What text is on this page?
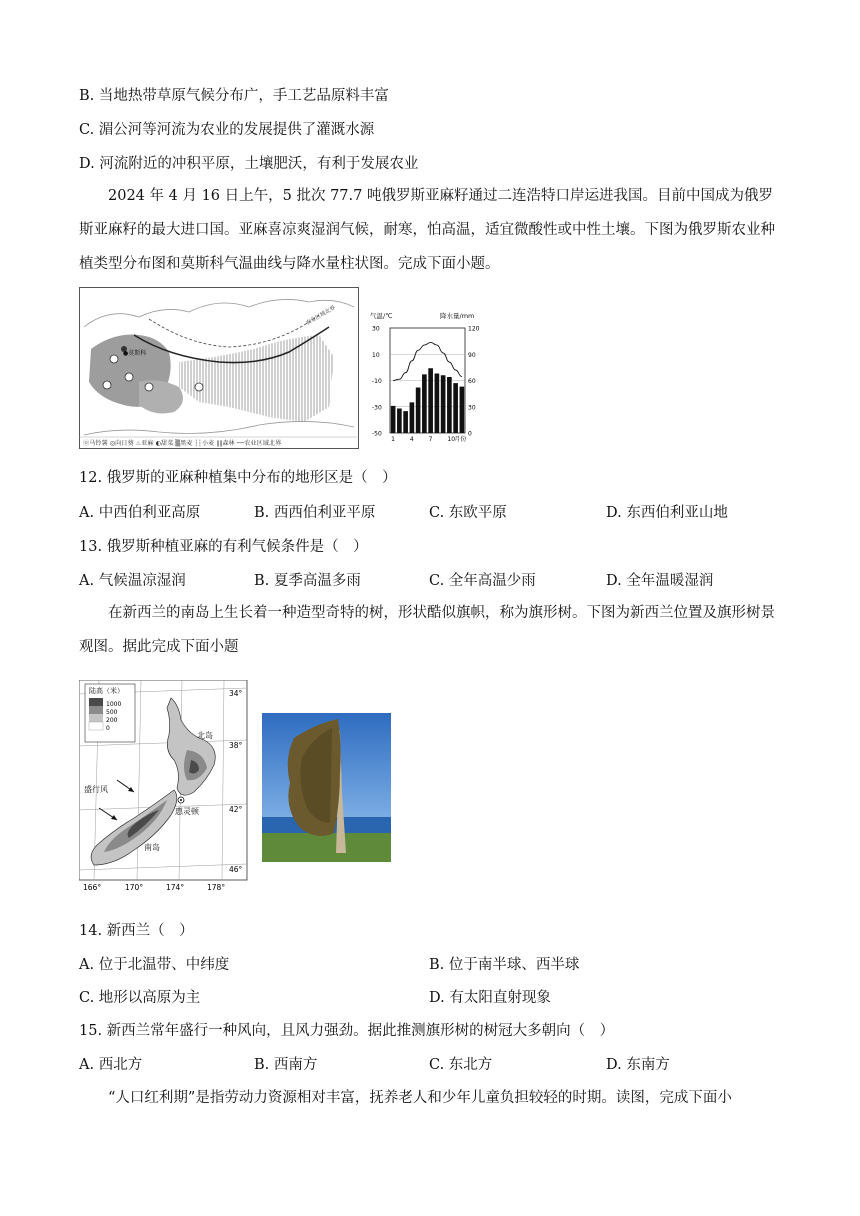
B. 当地热带草原气候分布广，手工艺品原料丰富
C. 湄公河等河流为农业的发展提供了灌溉水源
D. 河流附近的冲积平原，土壤肥沃，有利于发展农业
2024 年 4 月 16 日上午，5 批次 77.7 吨俄罗斯亚麻籽通过二连浩特口岸运进我国。目前中国成为俄罗斯亚麻籽的最大进口国。亚麻喜凉爽湿润气候，耐寒，怕高温，适宜微酸性或中性土壤。下图为俄罗斯农业种植类型分布图和莫斯科气温曲线与降水量柱状图。完成下面小题。
●莫斯科
农业区域北界
⓪马铃薯 ◎向日葵 ♨亚麻 ◐甜菜 ▒黑麦 ┆┆小麦 ∥∥森林 ──农业区域北界
气温/℃	降水量/mm
30
10
-10
-30
-50
120
90
60
30
0
1 4 7 10 月份
12. 俄罗斯的亚麻种植集中分布的地形区是（　）
A. 中西伯利亚高原	B. 西西伯利亚平原	C. 东欧平原	D. 东西伯利亚山地
13. 俄罗斯种植亚麻的有利气候条件是（　）
A. 气候温凉湿润	B. 夏季高温多雨	C. 全年高温少雨	D. 全年温暖湿润
在新西兰的南岛上生长着一种造型奇特的树，形状酷似旗帜，称为旗形树。下图为新西兰位置及旗形树景观图。据此完成下面小题
陆高（米）
1000
500
200
0
盛行风
北岛
南岛
惠灵顿
34°
38°
42°
46°
166°	170°	174°	178°
14. 新西兰（　）
A. 位于北温带、中纬度	B. 位于南半球、西半球
C. 地形以高原为主	D. 有太阳直射现象
15. 新西兰常年盛行一种风向，且风力强劲。据此推测旗形树的树冠大多朝向（　）
A. 西北方	B. 西南方	C. 东北方	D. 东南方
“人口红利期”是指劳动力资源相对丰富，抚养老人和少年儿童负担较轻的时期。读图，完成下面小
